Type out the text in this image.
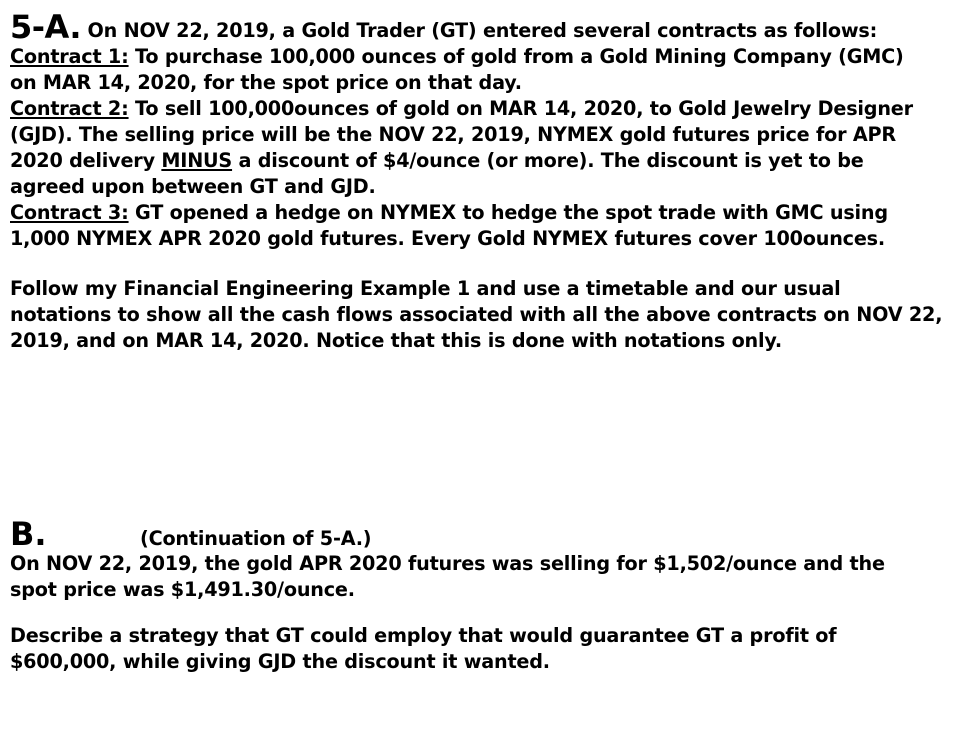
5-A. On NOV 22, 2019, a Gold Trader (GT) entered several contracts as follows:
Contract 1: To purchase 100,000 ounces of gold from a Gold Mining Company (GMC)
on MAR 14, 2020, for the spot price on that day.
Contract 2: To sell 100,000ounces of gold on MAR 14, 2020, to Gold Jewelry Designer
(GJD). The selling price will be the NOV 22, 2019, NYMEX gold futures price for APR
2020 delivery MINUS a discount of $4/ounce (or more). The discount is yet to be
agreed upon between GT and GJD.
Contract 3: GT opened a hedge on NYMEX to hedge the spot trade with GMC using
1,000 NYMEX APR 2020 gold futures. Every Gold NYMEX futures cover 100ounces.
Follow my Financial Engineering Example 1 and use a timetable and our usual
notations to show all the cash flows associated with all the above contracts on NOV 22,
2019, and on MAR 14, 2020. Notice that this is done with notations only.
B.	(Continuation of 5-A.)
On NOV 22, 2019, the gold APR 2020 futures was selling for $1,502/ounce and the
spot price was $1,491.30/ounce.
Describe a strategy that GT could employ that would guarantee GT a profit of
$600,000, while giving GJD the discount it wanted.
